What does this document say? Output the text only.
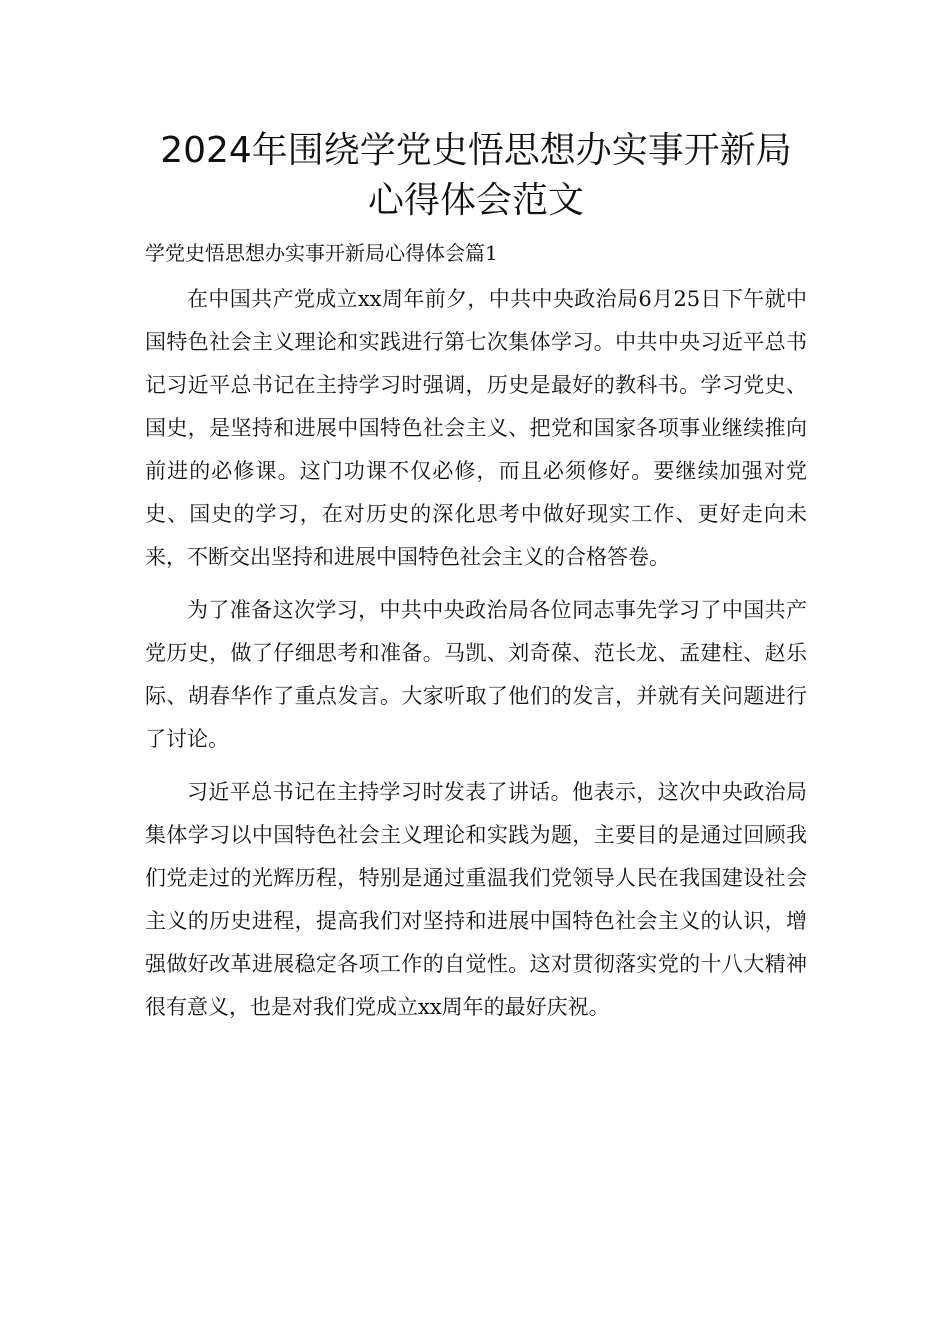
2024年围绕学党史悟思想办实事开新局心得体会范文
学党史悟思想办实事开新局心得体会篇1

在中国共产党成立xx周年前夕，中共中央政治局6月25日下午就中国特色社会主义理论和实践进行第七次集体学习。中共中央习近平总书记习近平总书记在主持学习时强调，历史是最好的教科书。学习党史、国史，是坚持和进展中国特色社会主义、把党和国家各项事业继续推向前进的必修课。这门功课不仅必修，而且必须修好。要继续加强对党史、国史的学习，在对历史的深化思考中做好现实工作、更好走向未来，不断交出坚持和进展中国特色社会主义的合格答卷。

为了准备这次学习，中共中央政治局各位同志事先学习了中国共产党历史，做了仔细思考和准备。马凯、刘奇葆、范长龙、孟建柱、赵乐际、胡春华作了重点发言。大家听取了他们的发言，并就有关问题进行了讨论。

习近平总书记在主持学习时发表了讲话。他表示，这次中央政治局集体学习以中国特色社会主义理论和实践为题，主要目的是通过回顾我们党走过的光辉历程，特别是通过重温我们党领导人民在我国建设社会主义的历史进程，提高我们对坚持和进展中国特色社会主义的认识，增强做好改革进展稳定各项工作的自觉性。这对贯彻落实党的十八大精神很有意义，也是对我们党成立xx周年的最好庆祝。
